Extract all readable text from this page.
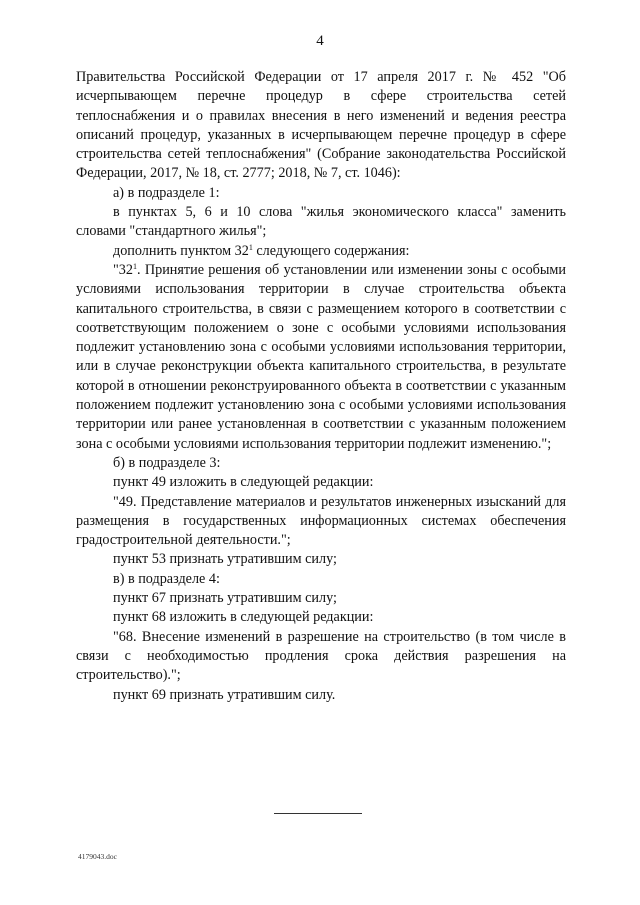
4

Правительства Российской Федерации от 17 апреля 2017 г. № 452 "Об исчерпывающем перечне процедур в сфере строительства сетей теплоснабжения и о правилах внесения в него изменений и ведения реестра описаний процедур, указанных в исчерпывающем перечне процедур в сфере строительства сетей теплоснабжения" (Собрание законодательства Российской Федерации, 2017, № 18, ст. 2777; 2018, № 7, ст. 1046):

а) в подразделе 1:

в пунктах 5, 6 и 10 слова "жилья экономического класса" заменить словами "стандартного жилья";

дополнить пунктом $32^1$ следующего содержания:

"$32^1$. Принятие решения об установлении или изменении зоны с особыми условиями использования территории в случае строительства объекта капитального строительства, в связи с размещением которого в соответствии с соответствующим положением о зоне с особыми условиями использования подлежит установлению зона с особыми условиями использования территории, или в случае реконструкции объекта капитального строительства, в результате которой в отношении реконструированного объекта в соответствии с указанным положением подлежит установлению зона с особыми условиями использования территории или ранее установленная в соответствии с указанным положением зона с особыми условиями использования территории подлежит изменению.";

б) в подразделе 3:

пункт 49 изложить в следующей редакции:

"49. Представление материалов и результатов инженерных изысканий для размещения в государственных информационных системах обеспечения градостроительной деятельности.";

пункт 53 признать утратившим силу;

в) в подразделе 4:

пункт 67 признать утратившим силу;

пункт 68 изложить в следующей редакции:

"68. Внесение изменений в разрешение на строительство (в том числе в связи с необходимостью продления срока действия разрешения на строительство).";

пункт 69 признать утратившим силу.

4179043.doc
